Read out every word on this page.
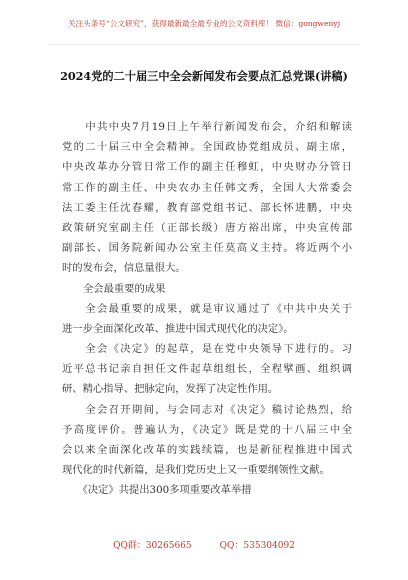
关注头条号“公文研究”，获得最新最全最专业的公文资料库！ 微信：gongwenyj
2024党的二十届三中全会新闻发布会要点汇总党课(讲稿)
　　中共中央7月19日上午举行新闻发布会，介绍和解读
党的二十届三中全会精神。全国政协党组成员、副主席，
中央改革办分管日常工作的副主任穆虹，中央财办分管日
常工作的副主任、中央农办主任韩文秀，全国人大常委会
法工委主任沈春耀，教育部党组书记、部长怀进鹏，中央
政策研究室副主任（正部长级）唐方裕出席，中央宣传部
副部长、国务院新闻办公室主任莫高义主持。将近两个小
时的发布会，信息量很大。
全会最重要的成果
　　全会最重要的成果，就是审议通过了《中共中央关于
进一步全面深化改革、推进中国式现代化的决定》。
　　全会《决定》的起草，是在党中央领导下进行的。习
近平总书记亲自担任文件起草组组长，全程擘画、组织调
研、精心指导、把脉定向，发挥了决定性作用。
　　全会召开期间，与会同志对《决定》稿讨论热烈，给
予高度评价。普遍认为，《决定》既是党的十八届三中全
会以来全面深化改革的实践续篇，也是新征程推进中国式
现代化的时代新篇，是我们党历史上又一重要纲领性文献。
　　《决定》共提出300多项重要改革举措
QQ群：30265665	QQ：535304092
